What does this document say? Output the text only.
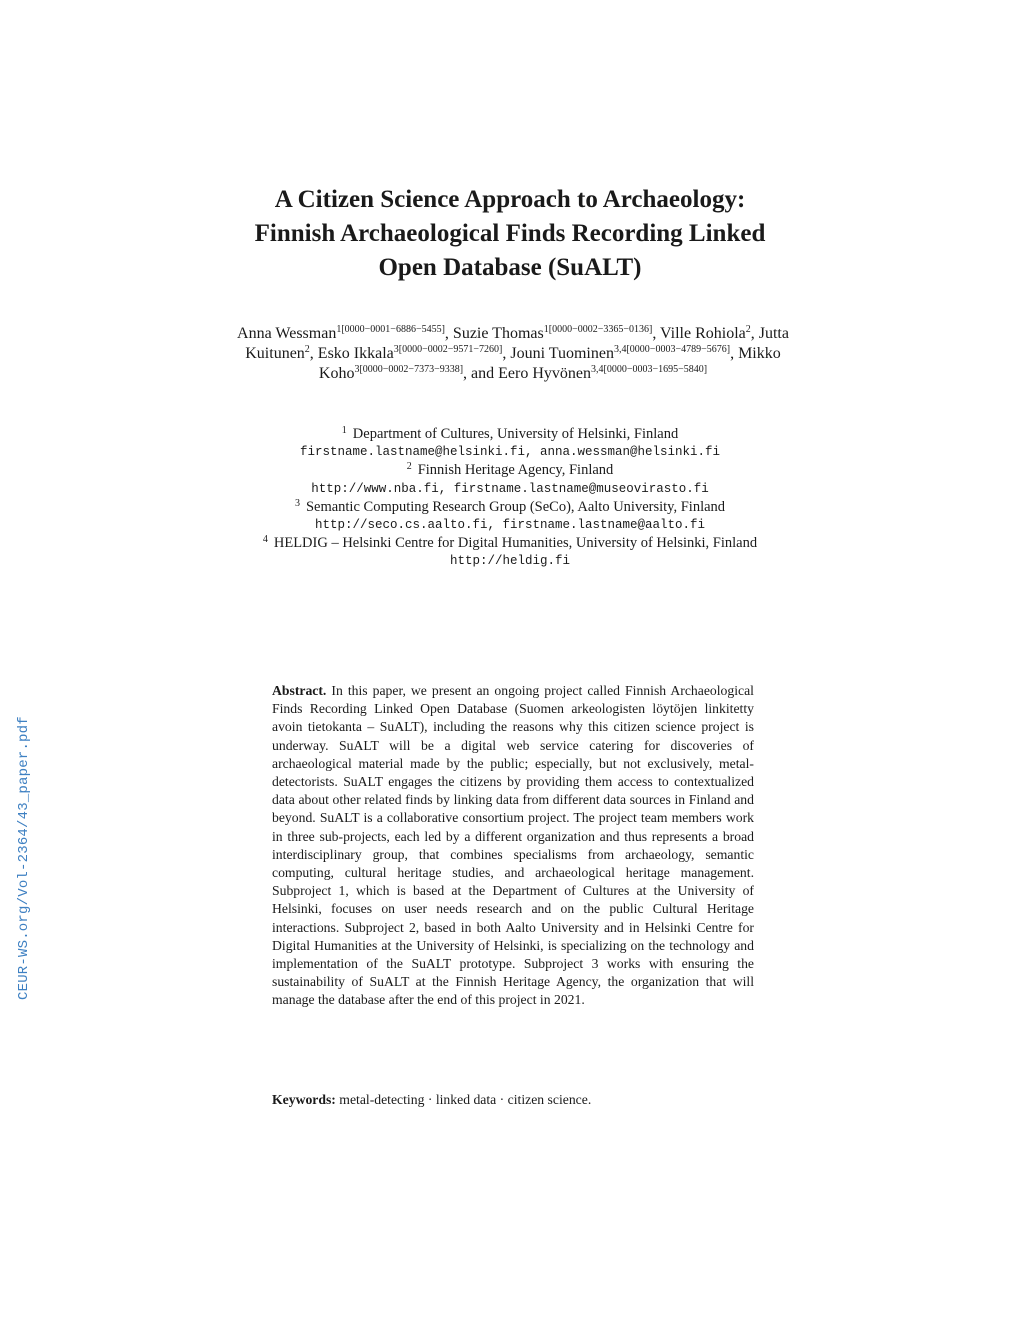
A Citizen Science Approach to Archaeology:
Finnish Archaeological Finds Recording Linked
Open Database (SuALT)
Anna Wessman$^{1[0000-0001-6886-5455]}$, Suzie Thomas$^{1[0000-0002-3365-0136]}$, Ville Rohiola$^2$, Jutta Kuitunen$^2$, Esko Ikkala$^{3[0000-0002-9571-7260]}$, Jouni Tuominen$^{3,4[0000-0003-4789-5676]}$, Mikko Koho$^{3[0000-0002-7373-9338]}$, and Eero Hyvönen$^{3,4[0000-0003-1695-5840]}$
$^1$ Department of Cultures, University of Helsinki, Finland
firstname.lastname@helsinki.fi, anna.wessman@helsinki.fi
$^2$ Finnish Heritage Agency, Finland
http://www.nba.fi, firstname.lastname@museovirasto.fi
$^3$ Semantic Computing Research Group (SeCo), Aalto University, Finland
http://seco.cs.aalto.fi, firstname.lastname@aalto.fi
$^4$ HELDIG – Helsinki Centre for Digital Humanities, University of Helsinki, Finland
http://heldig.fi
CEUR-WS.org/Vol-2364/43_paper.pdf
Abstract. In this paper, we present an ongoing project called Finnish Archaeological Finds Recording Linked Open Database (Suomen arkeologisten löytöjen linkitetty avoin tietokanta – SuALT), including the reasons why this citizen science project is underway. SuALT will be a digital web service catering for discoveries of archaeological material made by the public; especially, but not exclusively, metal-detectorists. SuALT engages the citizens by providing them access to contextualized data about other related finds by linking data from different data sources in Finland and beyond. SuALT is a collaborative consortium project. The project team members work in three sub-projects, each led by a different organization and thus represents a broad interdisciplinary group, that combines specialisms from archaeology, semantic computing, cultural heritage studies, and archaeological heritage management. Subproject 1, which is based at the Department of Cultures at the University of Helsinki, focuses on user needs research and on the public Cultural Heritage interactions. Subproject 2, based in both Aalto University and in Helsinki Centre for Digital Humanities at the University of Helsinki, is specializing on the technology and implementation of the SuALT prototype. Subproject 3 works with ensuring the sustainability of SuALT at the Finnish Heritage Agency, the organization that will manage the database after the end of this project in 2021.
Keywords: metal-detecting · linked data · citizen science.
